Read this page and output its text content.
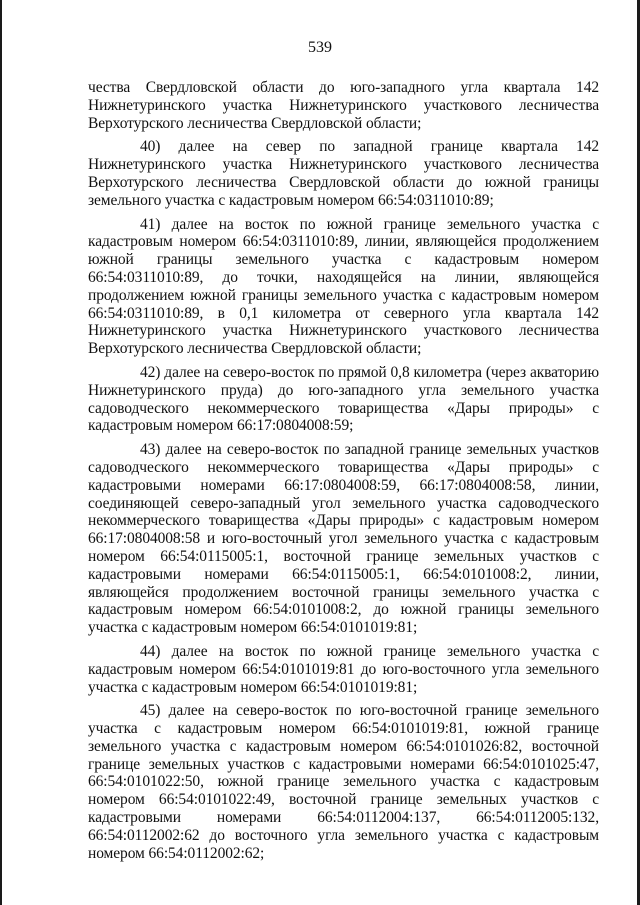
539

чества Свердловской области до юго-западного угла квартала 142 Нижнетуринского участка Нижнетуринского участкового лесничества Верхотурского лесничества Свердловской области;

40) далее на север по западной границе квартала 142 Нижнетуринского участка Нижнетуринского участкового лесничества Верхотурского лесничества Свердловской области до южной границы земельного участка с кадастровым номером 66:54:0311010:89;

41) далее на восток по южной границе земельного участка с кадастровым номером 66:54:0311010:89, линии, являющейся продолжением южной границы земельного участка с кадастровым номером 66:54:0311010:89, до точки, находящейся на линии, являющейся продолжением южной границы земельного участка с кадастровым номером 66:54:0311010:89, в 0,1 километра от северного угла квартала 142 Нижнетуринского участка Нижнетуринского участкового лесничества Верхотурского лесничества Свердловской области;

42) далее на северо-восток по прямой 0,8 километра (через акваторию Нижнетуринского пруда) до юго-западного угла земельного участка садоводческого некоммерческого товарищества «Дары природы» с кадастровым номером 66:17:0804008:59;

43) далее на северо-восток по западной границе земельных участков садоводческого некоммерческого товарищества «Дары природы» с кадастровыми номерами 66:17:0804008:59, 66:17:0804008:58, линии, соединяющей северо-западный угол земельного участка садоводческого некоммерческого товарищества «Дары природы» с кадастровым номером 66:17:0804008:58 и юго-восточный угол земельного участка с кадастровым номером 66:54:0115005:1, восточной границе земельных участков с кадастровыми номерами 66:54:0115005:1, 66:54:0101008:2, линии, являющейся продолжением восточной границы земельного участка с кадастровым номером 66:54:0101008:2, до южной границы земельного участка с кадастровым номером 66:54:0101019:81;

44) далее на восток по южной границе земельного участка с кадастровым номером 66:54:0101019:81 до юго-восточного угла земельного участка с кадастровым номером 66:54:0101019:81;

45) далее на северо-восток по юго-восточной границе земельного участка с кадастровым номером 66:54:0101019:81, южной границе земельного участка с кадастровым номером 66:54:0101026:82, восточной границе земельных участков с кадастровыми номерами 66:54:0101025:47, 66:54:0101022:50, южной границе земельного участка с кадастровым номером 66:54:0101022:49, восточной границе земельных участков с кадастровыми номерами 66:54:0112004:137, 66:54:0112005:132, 66:54:0112002:62 до восточного угла земельного участка с кадастровым номером 66:54:0112002:62;
